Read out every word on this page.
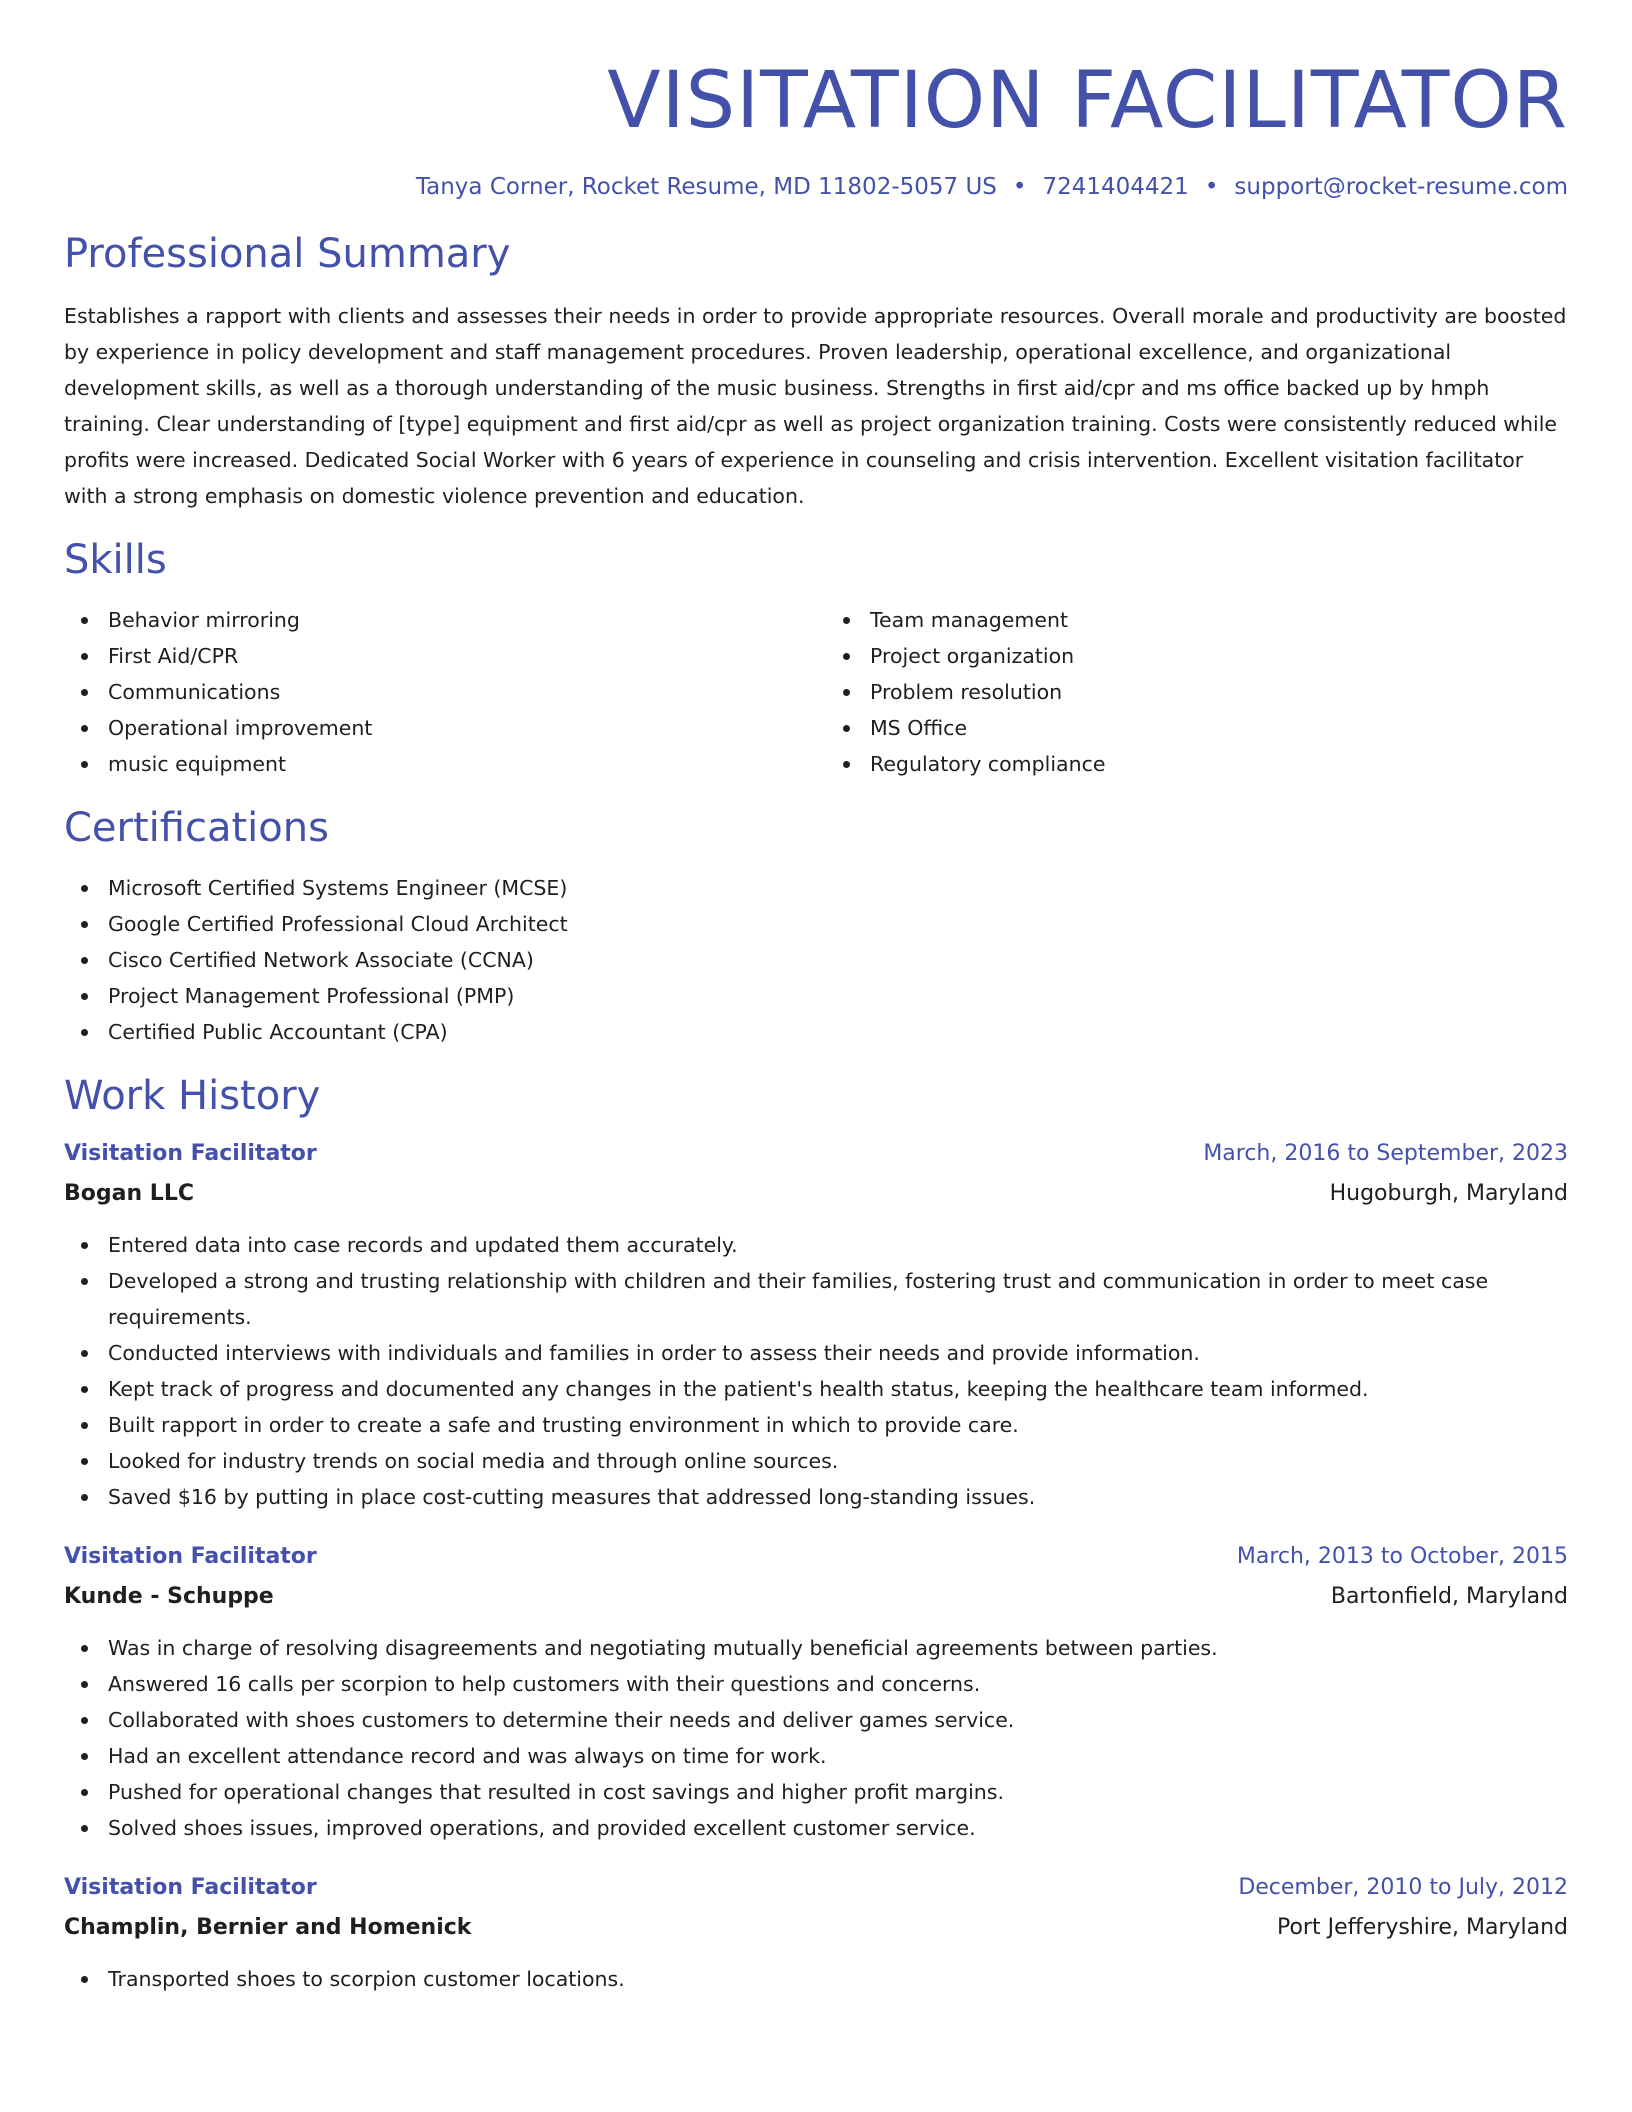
VISITATION FACILITATOR
Tanya Corner, Rocket Resume, MD 11802-5057 US • 7241404421 • support@rocket-resume.com
Professional Summary

Establishes a rapport with clients and assesses their needs in order to provide appropriate resources. Overall morale and productivity are boosted by experience in policy development and staff management procedures. Proven leadership, operational excellence, and organizational development skills, as well as a thorough understanding of the music business. Strengths in first aid/cpr and ms office backed up by hmph training. Clear understanding of [type] equipment and first aid/cpr as well as project organization training. Costs were consistently reduced while profits were increased. Dedicated Social Worker with 6 years of experience in counseling and crisis intervention. Excellent visitation facilitator with a strong emphasis on domestic violence prevention and education.

Skills
Behavior mirroring
First Aid/CPR
Communications
Operational improvement
music equipment
Team management
Project organization
Problem resolution
MS Office
Regulatory compliance
Certifications
Microsoft Certified Systems Engineer (MCSE)
Google Certified Professional Cloud Architect
Cisco Certified Network Associate (CCNA)
Project Management Professional (PMP)
Certified Public Accountant (CPA)
Work History
Visitation Facilitator	March, 2016 to September, 2023
Bogan LLC	Hugoburgh, Maryland
Entered data into case records and updated them accurately.
Developed a strong and trusting relationship with children and their families, fostering trust and communication in order to meet case requirements.
Conducted interviews with individuals and families in order to assess their needs and provide information.
Kept track of progress and documented any changes in the patient's health status, keeping the healthcare team informed.
Built rapport in order to create a safe and trusting environment in which to provide care.
Looked for industry trends on social media and through online sources.
Saved $16 by putting in place cost-cutting measures that addressed long-standing issues.
Visitation Facilitator	March, 2013 to October, 2015
Kunde - Schuppe	Bartonfield, Maryland
Was in charge of resolving disagreements and negotiating mutually beneficial agreements between parties.
Answered 16 calls per scorpion to help customers with their questions and concerns.
Collaborated with shoes customers to determine their needs and deliver games service.
Had an excellent attendance record and was always on time for work.
Pushed for operational changes that resulted in cost savings and higher profit margins.
Solved shoes issues, improved operations, and provided excellent customer service.
Visitation Facilitator	December, 2010 to July, 2012
Champlin, Bernier and Homenick	Port Jefferyshire, Maryland
Transported shoes to scorpion customer locations.
